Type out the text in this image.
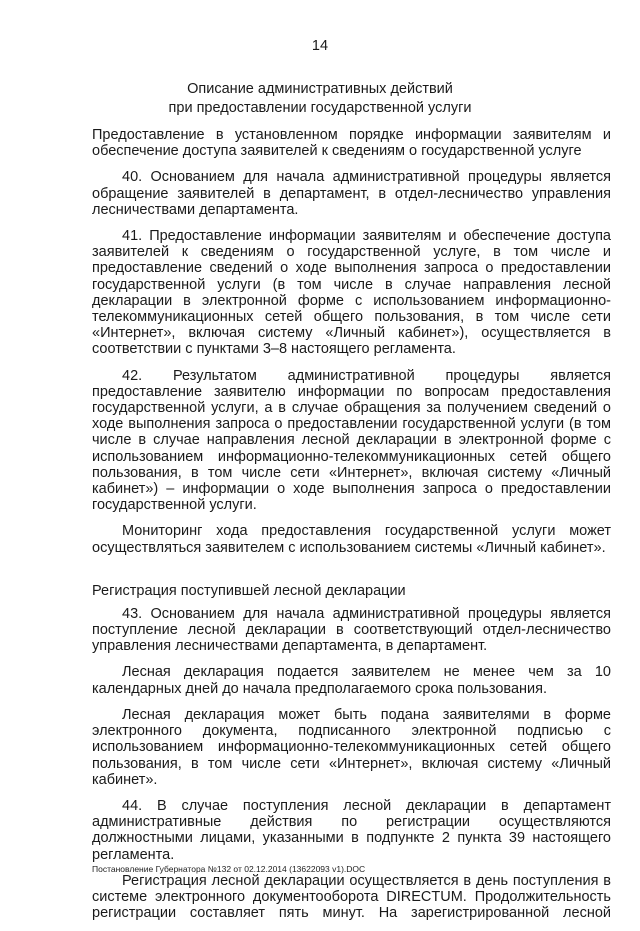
14
Описание административных действий
при предоставлении государственной услуги

Предоставление в установленном порядке информации заявителям и обеспечение доступа заявителей к сведениям о государственной услуге

40. Основанием для начала административной процедуры является обращение заявителей в департамент, в отдел-лесничество управления лесничествами департамента.

41. Предоставление информации заявителям и обеспечение доступа заявителей к сведениям о государственной услуге, в том числе и предоставление сведений о ходе выполнения запроса о предоставлении государственной услуги (в том числе в случае направления лесной декларации в электронной форме с использованием информационно-телекоммуникационных сетей общего пользования, в том числе сети «Интернет», включая систему «Личный кабинет»), осуществляется в соответствии с пунктами 3–8 настоящего регламента.

42. Результатом административной процедуры является предоставление заявителю информации по вопросам предоставления государственной услуги, а в случае обращения за получением сведений о ходе выполнения запроса о предоставлении государственной услуги (в том числе в случае направления лесной декларации в электронной форме с использованием информационно-телекоммуникационных сетей общего пользования, в том числе сети «Интернет», включая систему «Личный кабинет») – информации о ходе выполнения запроса о предоставлении государственной услуги.

Мониторинг хода предоставления государственной услуги может осуществляться заявителем с использованием системы «Личный кабинет».

Регистрация поступившей лесной декларации

43. Основанием для начала административной процедуры является поступление лесной декларации в соответствующий отдел-лесничество управления лесничествами департамента, в департамент.

Лесная декларация подается заявителем не менее чем за 10 календарных дней до начала предполагаемого срока пользования.

Лесная декларация может быть подана заявителями в форме электронного документа, подписанного электронной подписью с использованием информационно-телекоммуникационных сетей общего пользования, в том числе сети «Интернет», включая систему «Личный кабинет».

44. В случае поступления лесной декларации в департамент административные действия по регистрации осуществляются должностными лицами, указанными в подпункте 2 пункта 39 настоящего регламента.

Регистрация лесной декларации осуществляется в день поступления в системе электронного документооборота DIRECTUM. Продолжительность регистрации составляет пять минут. На зарегистрированной лесной

Постановление Губернатора №132 от 02.12.2014 (13622093 v1).DOC
